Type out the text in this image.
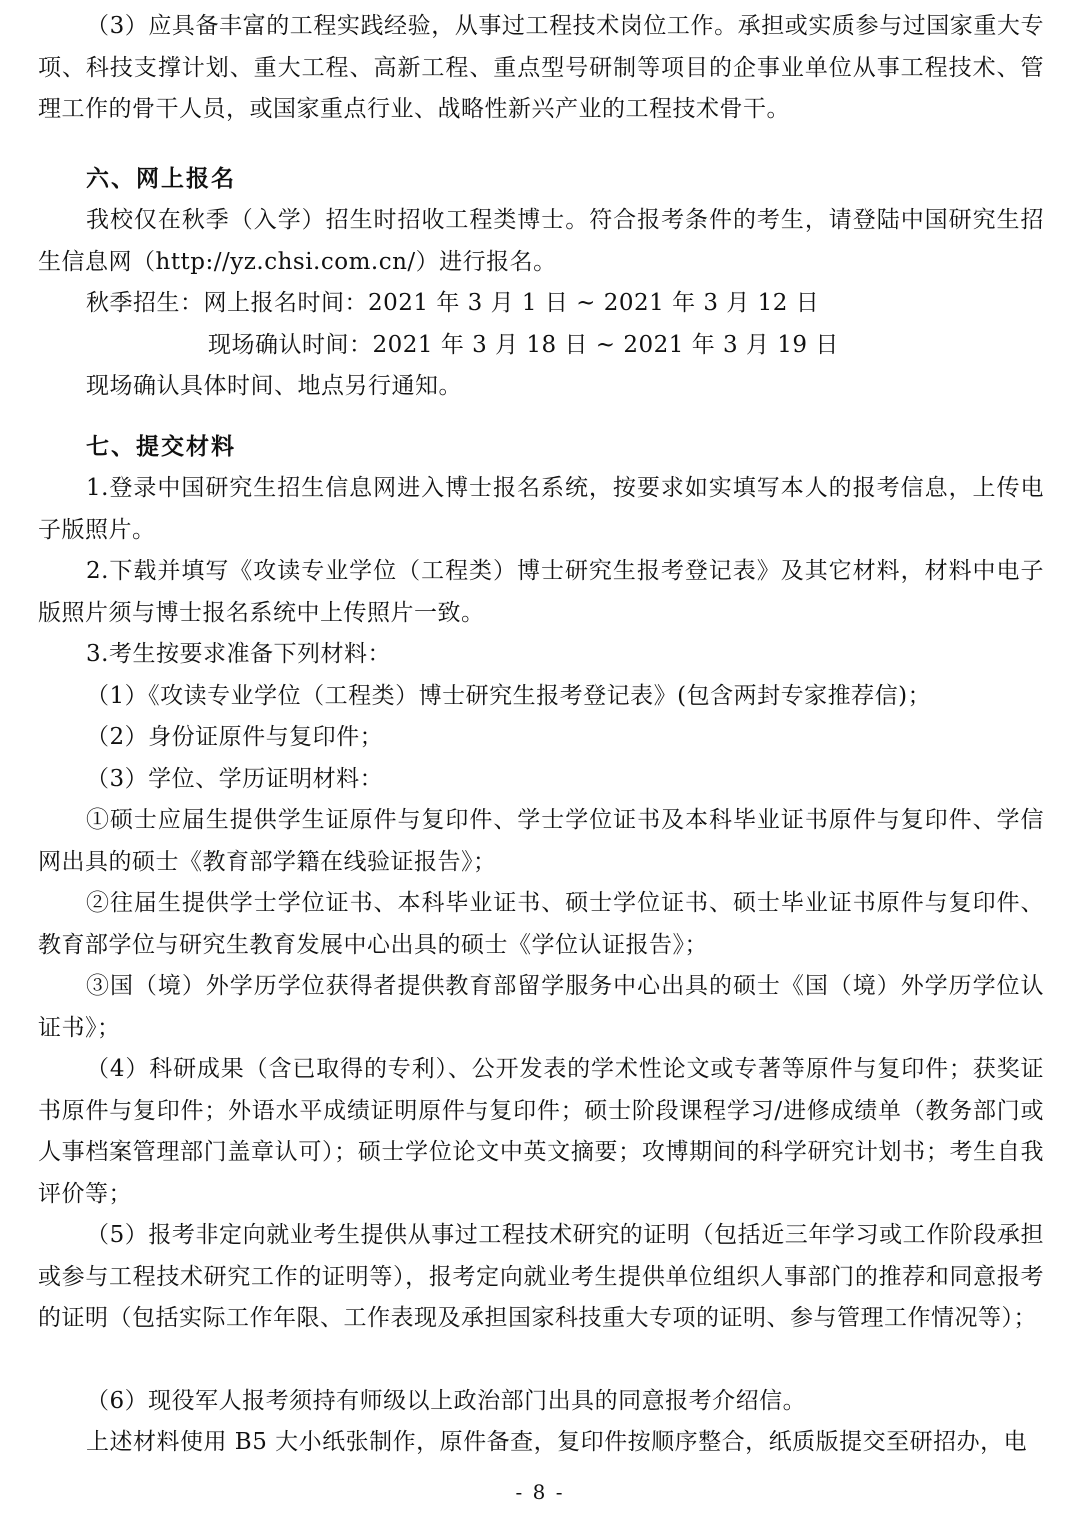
（3）应具备丰富的工程实践经验，从事过工程技术岗位工作。承担或实质参与过国家重大专项、科技支撑计划、重大工程、高新工程、重点型号研制等项目的企事业单位从事工程技术、管理工作的骨干人员，或国家重点行业、战略性新兴产业的工程技术骨干。

六、网上报名

我校仅在秋季（入学）招生时招收工程类博士。符合报考条件的考生，请登陆中国研究生招生信息网（http://yz.chsi.com.cn/）进行报名。

秋季招生：网上报名时间：2021 年 3 月 1 日 ~ 2021 年 3 月 12 日

现场确认时间：2021 年 3 月 18 日 ~ 2021 年 3 月 19 日

现场确认具体时间、地点另行通知。

七、提交材料

1.登录中国研究生招生信息网进入博士报名系统，按要求如实填写本人的报考信息，上传电子版照片。

2.下载并填写《攻读专业学位（工程类）博士研究生报考登记表》及其它材料，材料中电子版照片须与博士报名系统中上传照片一致。

3.考生按要求准备下列材料：

（1）《攻读专业学位（工程类）博士研究生报考登记表》(包含两封专家推荐信)；

（2）身份证原件与复印件；

（3）学位、学历证明材料：

①硕士应届生提供学生证原件与复印件、学士学位证书及本科毕业证书原件与复印件、学信网出具的硕士《教育部学籍在线验证报告》；

②往届生提供学士学位证书、本科毕业证书、硕士学位证书、硕士毕业证书原件与复印件、教育部学位与研究生教育发展中心出具的硕士《学位认证报告》；

③国（境）外学历学位获得者提供教育部留学服务中心出具的硕士《国（境）外学历学位认证书》；

（4）科研成果（含已取得的专利）、公开发表的学术性论文或专著等原件与复印件；获奖证书原件与复印件；外语水平成绩证明原件与复印件；硕士阶段课程学习/进修成绩单（教务部门或人事档案管理部门盖章认可）；硕士学位论文中英文摘要；攻博期间的科学研究计划书；考生自我评价等；

（5）报考非定向就业考生提供从事过工程技术研究的证明（包括近三年学习或工作阶段承担或参与工程技术研究工作的证明等），报考定向就业考生提供单位组织人事部门的推荐和同意报考的证明（包括实际工作年限、工作表现及承担国家科技重大专项的证明、参与管理工作情况等）；

（6）现役军人报考须持有师级以上政治部门出具的同意报考介绍信。

上述材料使用 B5 大小纸张制作，原件备查，复印件按顺序整合，纸质版提交至研招办，电

- 8 -
